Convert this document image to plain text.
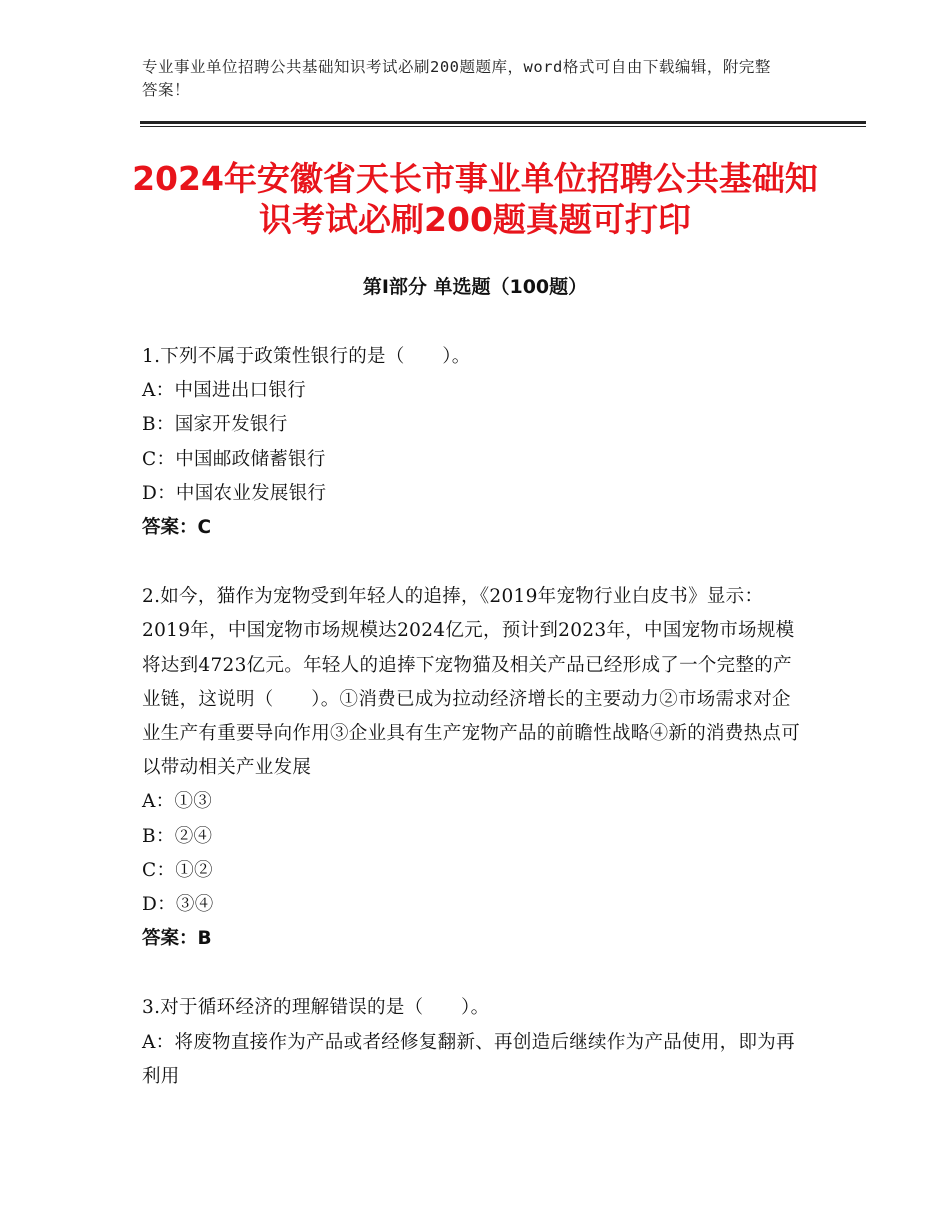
专业事业单位招聘公共基础知识考试必刷200题题库，word格式可自由下载编辑，附完整答案！
2024年安徽省天长市事业单位招聘公共基础知识考试必刷200题真题可打印
第Ⅰ部分 单选题（100题）
1.下列不属于政策性银行的是（　　）。
A：中国进出口银行
B：国家开发银行
C：中国邮政储蓄银行
D：中国农业发展银行
答案：C
2.如今，猫作为宠物受到年轻人的追捧，《2019年宠物行业白皮书》显示：2019年，中国宠物市场规模达2024亿元，预计到2023年，中国宠物市场规模将达到4723亿元。年轻人的追捧下宠物猫及相关产品已经形成了一个完整的产业链，这说明（　　）。①消费已成为拉动经济增长的主要动力②市场需求对企业生产有重要导向作用③企业具有生产宠物产品的前瞻性战略④新的消费热点可以带动相关产业发展
A：①③
B：②④
C：①②
D：③④
答案：B
3.对于循环经济的理解错误的是（　　）。
A：将废物直接作为产品或者经修复翻新、再创造后继续作为产品使用，即为再利用
